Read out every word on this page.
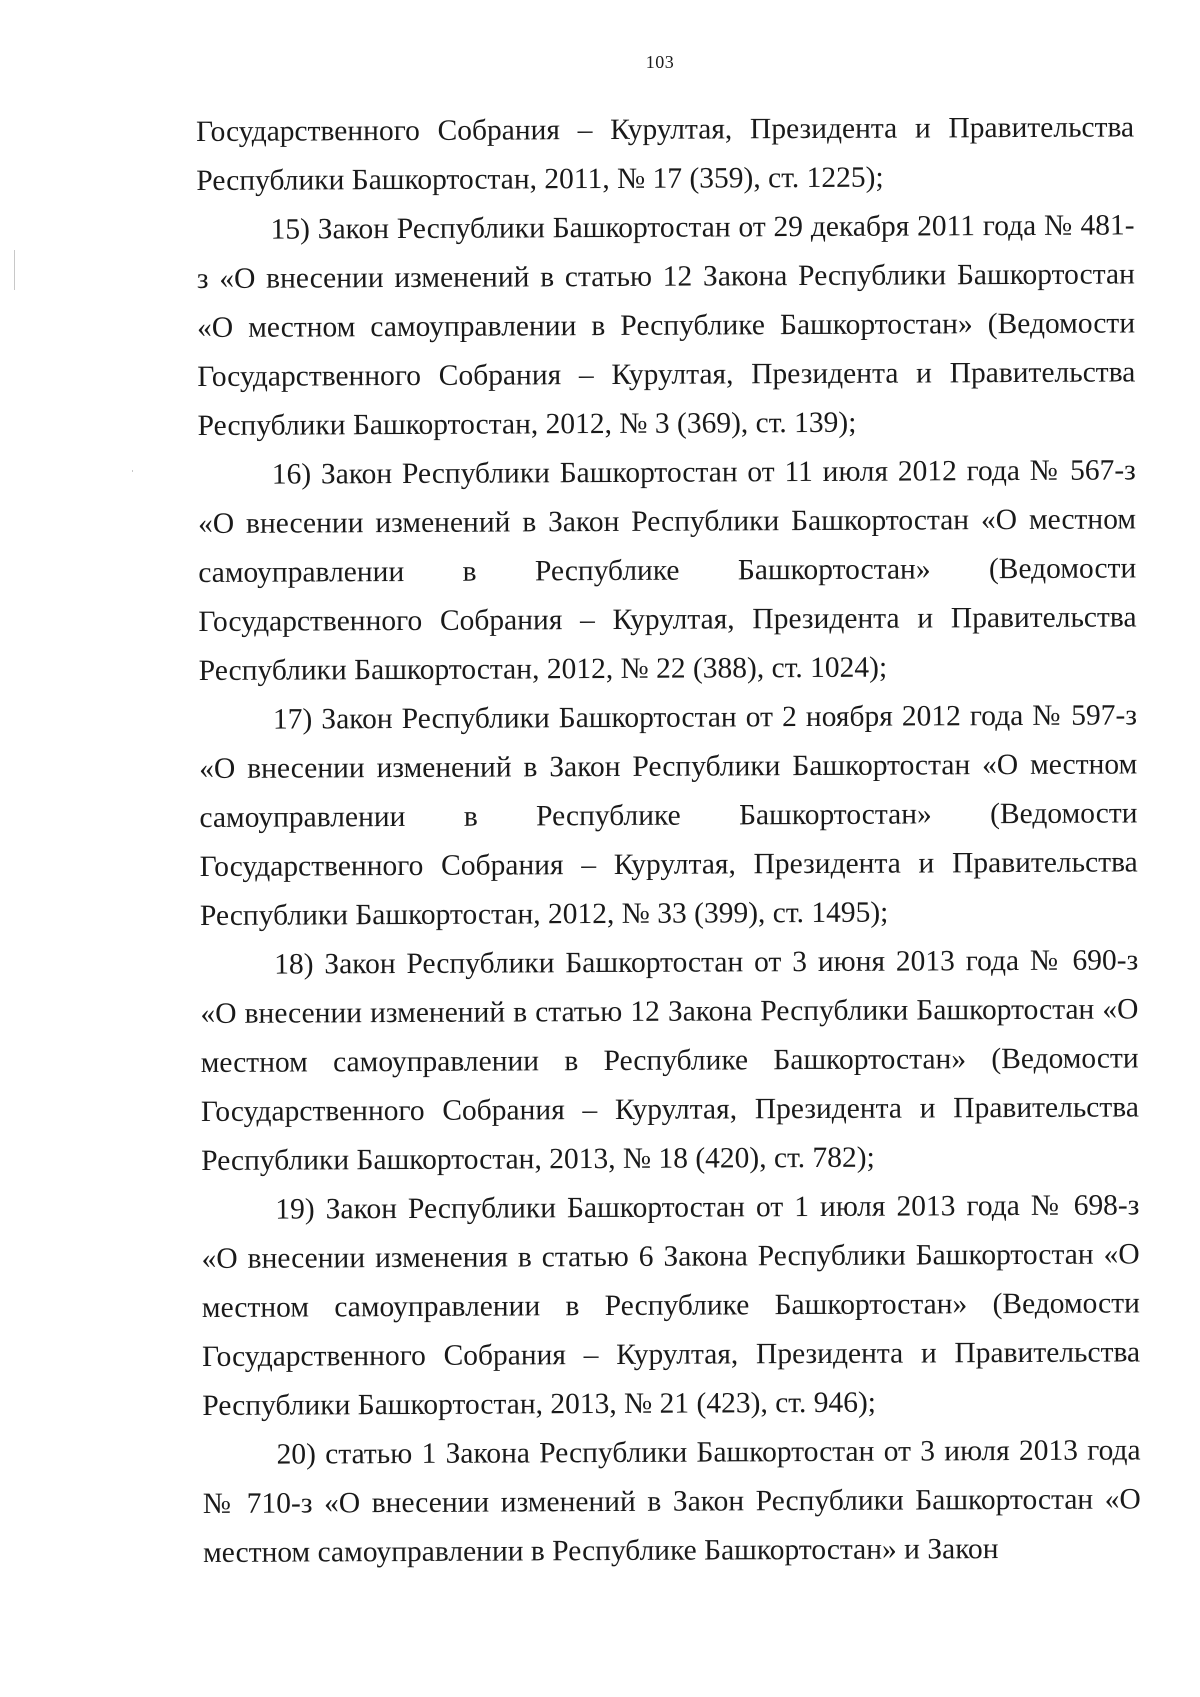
103

Государственного Собрания – Курултая, Президента и Правительства Республики Башкортостан, 2011, № 17 (359), ст. 1225);

15) Закон Республики Башкортостан от 29 декабря 2011 года № 481-з «О внесении изменений в статью 12 Закона Республики Башкортостан «О местном самоуправлении в Республике Башкортостан» (Ведомости Государственного Собрания – Курултая, Президента и Правительства Республики Башкортостан, 2012, № 3 (369), ст. 139);

16) Закон Республики Башкортостан от 11 июля 2012 года № 567-з «О внесении изменений в Закон Республики Башкортостан «О местном самоуправлении в Республике Башкортостан» (Ведомости Государственного Собрания – Курултая, Президента и Правительства Республики Башкортостан, 2012, № 22 (388), ст. 1024);

17) Закон Республики Башкортостан от 2 ноября 2012 года № 597-з «О внесении изменений в Закон Республики Башкортостан «О местном самоуправлении в Республике Башкортостан» (Ведомости Государственного Собрания – Курултая, Президента и Правительства Республики Башкортостан, 2012, № 33 (399), ст. 1495);

18) Закон Республики Башкортостан от 3 июня 2013 года № 690-з «О внесении изменений в статью 12 Закона Республики Башкортостан «О местном самоуправлении в Республике Башкортостан» (Ведомости Государственного Собрания – Курултая, Президента и Правительства Республики Башкортостан, 2013, № 18 (420), ст. 782);

19) Закон Республики Башкортостан от 1 июля 2013 года № 698-з «О внесении изменения в статью 6 Закона Республики Башкортостан «О местном самоуправлении в Республике Башкортостан» (Ведомости Государственного Собрания – Курултая, Президента и Правительства Республики Башкортостан, 2013, № 21 (423), ст. 946);

20) статью 1 Закона Республики Башкортостан от 3 июля 2013 года № 710-з «О внесении изменений в Закон Республики Башкортостан «О местном самоуправлении в Республике Башкортостан» и Закон
